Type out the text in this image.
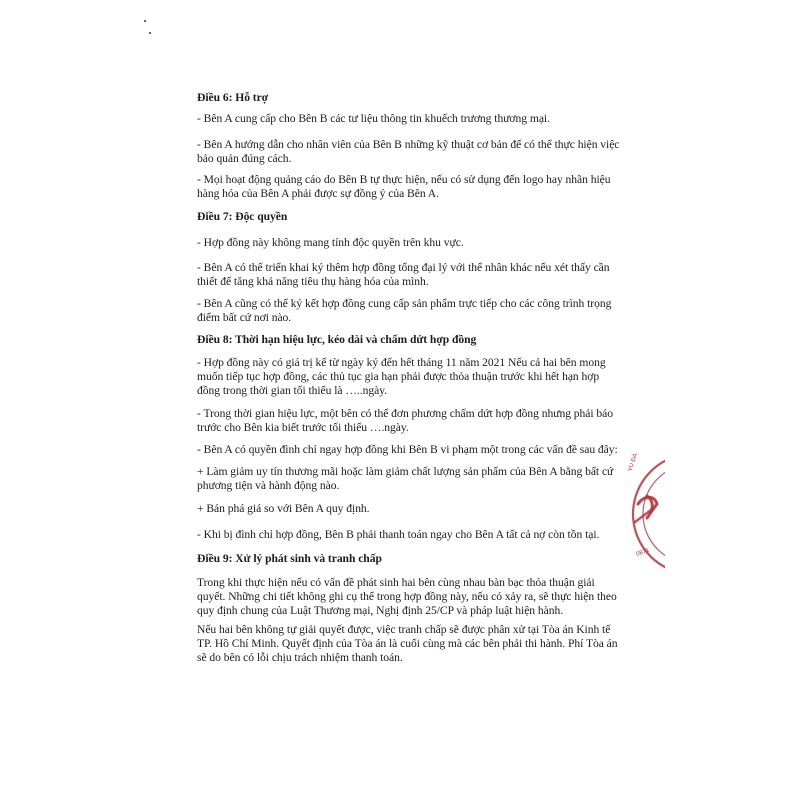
Điều 6: Hỗ trợ

- Bên A cung cấp cho Bên B các tư liệu thông tin khuếch trương thương mại.

- Bên A hướng dẫn cho nhân viên của Bên B những kỹ thuật cơ bản để có thể thực hiện việc bảo quản đúng cách.

- Mọi hoạt động quảng cáo do Bên B tự thực hiện, nếu có sử dụng đến logo hay nhãn hiệu hàng hóa của Bên A phải được sự đồng ý của Bên A.

Điều 7: Độc quyền

- Hợp đồng này không mang tính độc quyền trên khu vực.

- Bên A có thể triển khai ký thêm hợp đồng tổng đại lý với thể nhân khác nếu xét thấy cần thiết để tăng khả năng tiêu thụ hàng hóa của mình.

- Bên A cũng có thể ký kết hợp đồng cung cấp sản phẩm trực tiếp cho các công trình trọng điểm bất cứ nơi nào.

Điều 8: Thời hạn hiệu lực, kéo dài và chấm dứt hợp đồng

- Hợp đồng này có giá trị kể từ ngày ký đến hết tháng 11 năm 2021 Nếu cả hai bên mong muốn tiếp tục hợp đồng, các thủ tục gia hạn phải được thỏa thuận trước khi hết hạn hợp đồng trong thời gian tối thiểu là …..ngày.

- Trong thời gian hiệu lực, một bên có thể đơn phương chấm dứt hợp đồng nhưng phải báo trước cho Bên kia biết trước tối thiểu ….ngày.

- Bên A có quyền đình chỉ ngay hợp đồng khi Bên B vi phạm một trong các vấn đề sau đây:

+ Làm giảm uy tín thương mãi hoặc làm giảm chất lượng sản phẩm của Bên A bằng bất cứ phương tiện và hành động nào.

+ Bán phá giá so với Bên A quy định.

- Khi bị đình chỉ hợp đồng, Bên B phải thanh toán ngay cho Bên A tất cả nợ còn tồn tại.

Điều 9: Xử lý phát sinh và tranh chấp

Trong khi thực hiện nếu có vấn đề phát sinh hai bên cùng nhau bàn bạc thỏa thuận giải quyết. Những chi tiết không ghi cụ thể trong hợp đồng này, nếu có xảy ra, sẽ thực hiện theo quy định chung của Luật Thương mại, Nghị định 25/CP và pháp luật hiện hành.

Nếu hai bên không tự giải quyết được, việc tranh chấp sẽ được phân xử tại Tòa án Kinh tế TP. Hồ Chí Minh. Quyết định của Tòa án là cuối cùng mà các bên phải thi hành. Phí Tòa án sẽ do bên có lỗi chịu trách nhiệm thanh toán.

VỤ ĐÀ
0871
